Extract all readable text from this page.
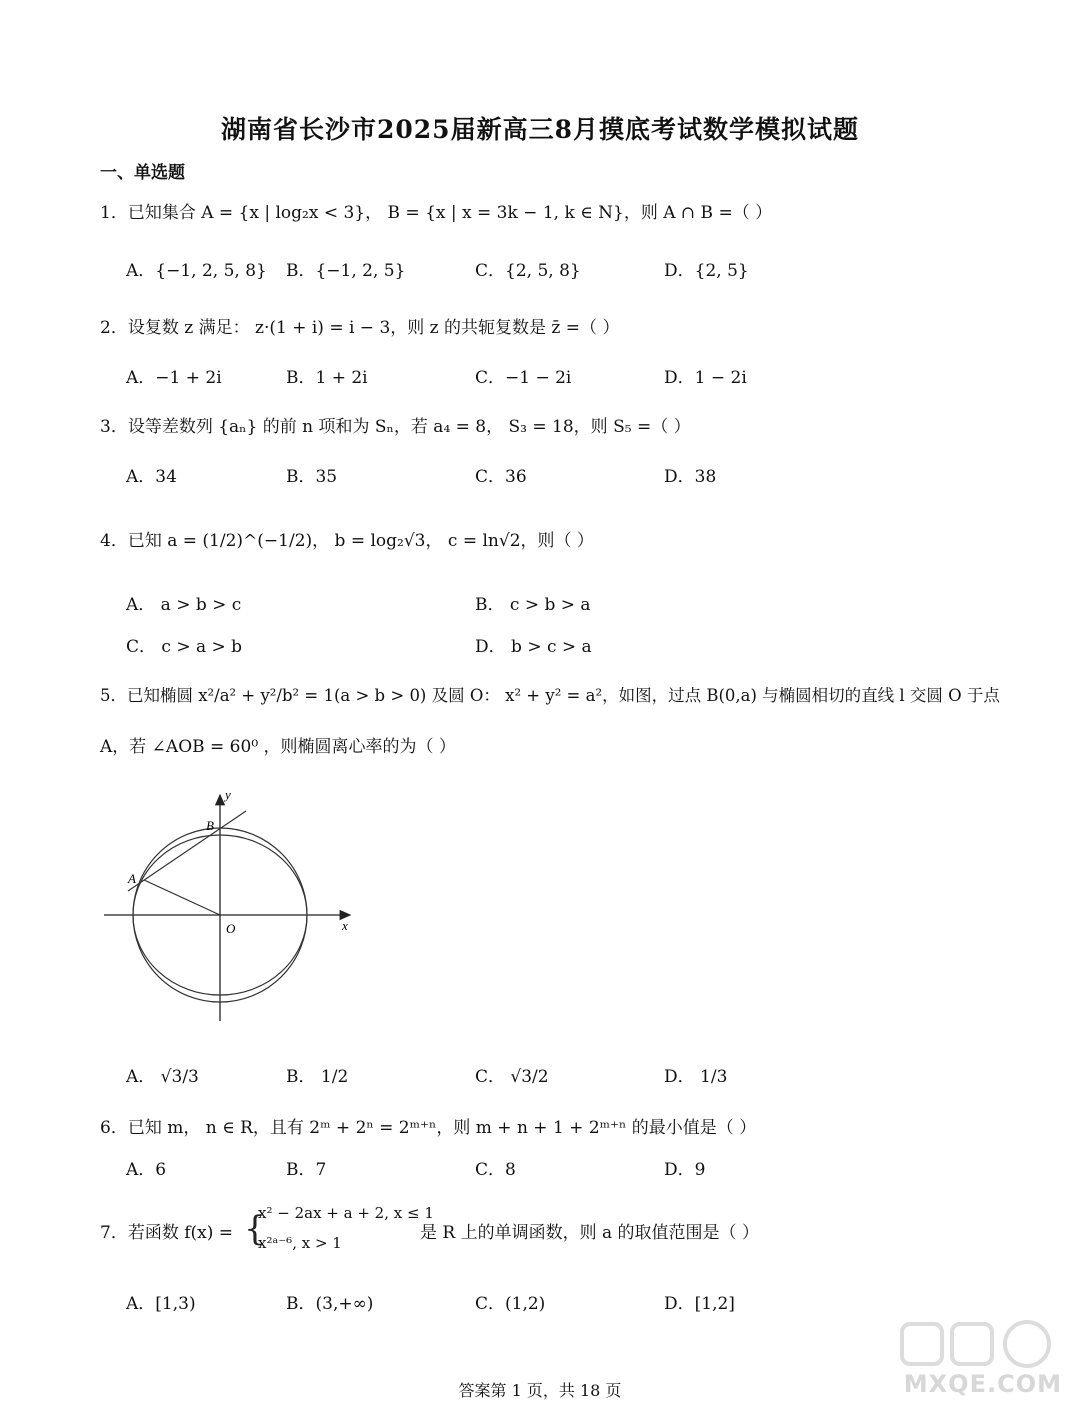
湖南省长沙市2025届新高三8月摸底考试数学模拟试题
一、单选题
1．已知集合 A = {x | log₂x < 3}， B = {x | x = 3k − 1, k ∈ N}，则 A ∩ B =（ ）
A．{−1, 2, 5, 8} B．{−1, 2, 5}	C．{2, 5, 8}	D．{2, 5}
2．设复数 z 满足： z·(1 + i) = i − 3，则 z 的共轭复数是 z̄ =（ ）
A．−1 + 2i	B．1 + 2i	C．−1 − 2i	D．1 − 2i
3．设等差数列 {aₙ} 的前 n 项和为 Sₙ，若 a₄ = 8， S₃ = 18，则 S₅ =（ ）
A．34	B．35	C．36	D．38
4．已知 a = (1/2)^(−1/2)， b = log₂√3， c = ln√2，则（ ）
A． a > b > c	B． c > b > a
C． c > a > b	D． b > c > a
5．已知椭圆 x²/a² + y²/b² = 1(a > b > 0) 及圆 O： x² + y² = a²，如图，过点 B(0,a) 与椭圆相切的直线 l 交圆 O 于点
A，若 ∠AOB = 60⁰ ，则椭圆离心率的为（ ）
y
x
B
A
O
A． √3/3	B． 1/2	C． √3/2	D． 1/3
6．已知 m， n ∈ R，且有 2ᵐ + 2ⁿ = 2ᵐ⁺ⁿ，则 m + n + 1 + 2ᵐ⁺ⁿ 的最小值是（ ）
A．6	B．7	C．8	D．9
7．若函数 f(x) = {
x² − 2ax + a + 2, x ≤ 1
x²ᵃ⁻⁶, x > 1	是 R 上的单调函数，则 a 的取值范围是（ ）
A．[1,3)	B．(3,+∞)	C．(1,2)	D．[1,2]
答案第 1 页，共 18 页	MXQE.COM
